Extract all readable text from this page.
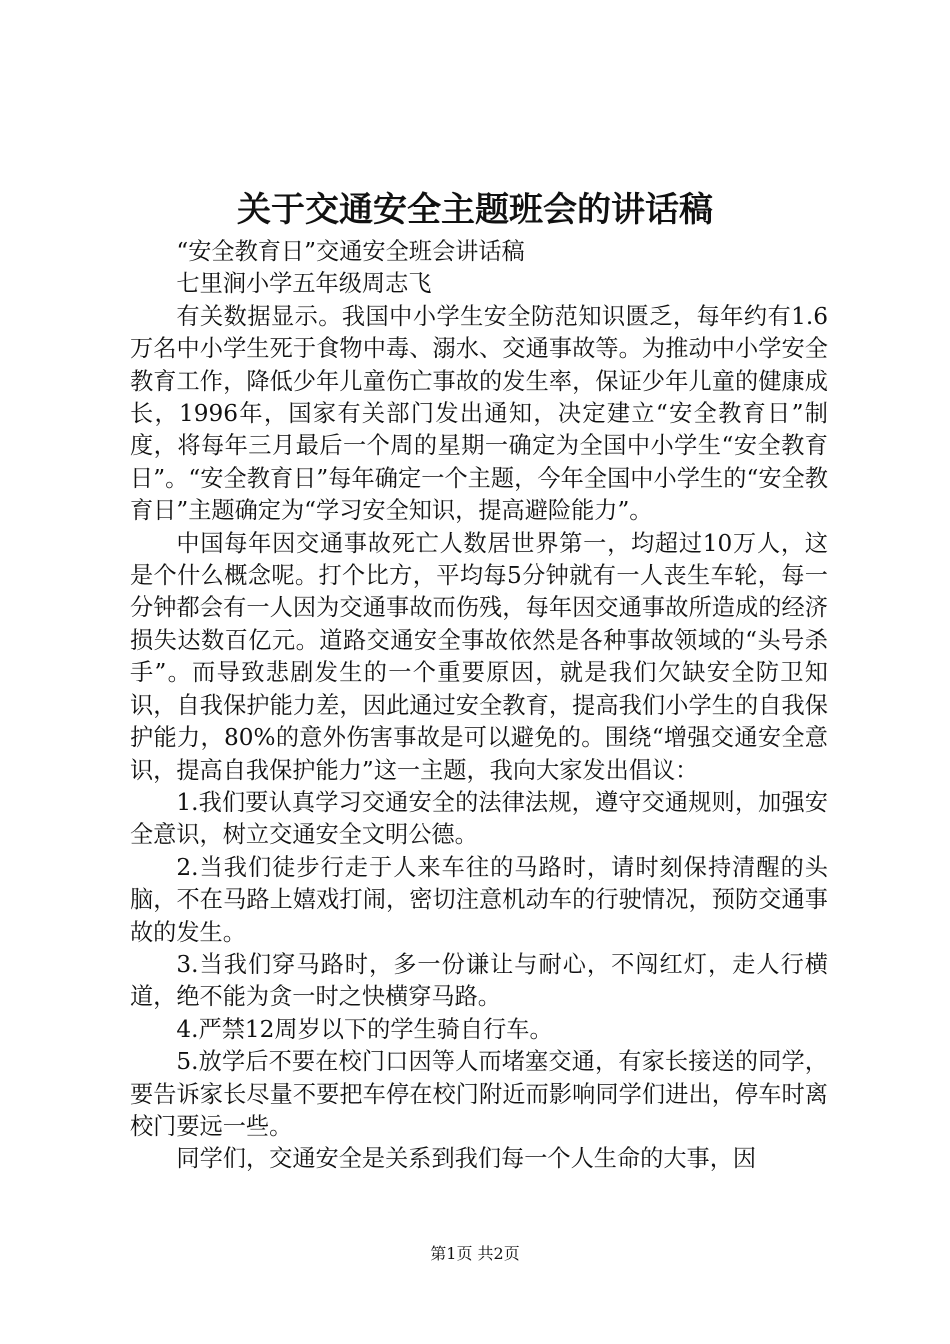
关于交通安全主题班会的讲话稿

“安全教育日”交通安全班会讲话稿

七里涧小学五年级周志飞

有关数据显示。我国中小学生安全防范知识匮乏，每年约有1.6万名中小学生死于食物中毒、溺水、交通事故等。为推动中小学安全教育工作，降低少年儿童伤亡事故的发生率，保证少年儿童的健康成长，1996年，国家有关部门发出通知，决定建立“安全教育日”制度，将每年三月最后一个周的星期一确定为全国中小学生“安全教育日”。“安全教育日”每年确定一个主题，今年全国中小学生的“安全教育日”主题确定为“学习安全知识，提高避险能力”。

中国每年因交通事故死亡人数居世界第一，均超过10万人，这是个什么概念呢。打个比方，平均每5分钟就有一人丧生车轮，每一分钟都会有一人因为交通事故而伤残，每年因交通事故所造成的经济损失达数百亿元。道路交通安全事故依然是各种事故领域的“头号杀手”。而导致悲剧发生的一个重要原因，就是我们欠缺安全防卫知识，自我保护能力差，因此通过安全教育，提高我们小学生的自我保护能力，80%的意外伤害事故是可以避免的。围绕“增强交通安全意识，提高自我保护能力”这一主题，我向大家发出倡议：

1.我们要认真学习交通安全的法律法规，遵守交通规则，加强安全意识，树立交通安全文明公德。

2.当我们徒步行走于人来车往的马路时，请时刻保持清醒的头脑，不在马路上嬉戏打闹，密切注意机动车的行驶情况，预防交通事故的发生。

3.当我们穿马路时，多一份谦让与耐心，不闯红灯，走人行横道，绝不能为贪一时之快横穿马路。

4.严禁12周岁以下的学生骑自行车。

5.放学后不要在校门口因等人而堵塞交通，有家长接送的同学，要告诉家长尽量不要把车停在校门附近而影响同学们进出，停车时离校门要远一些。

同学们，交通安全是关系到我们每一个人生命的大事，因

第1页 共2页
